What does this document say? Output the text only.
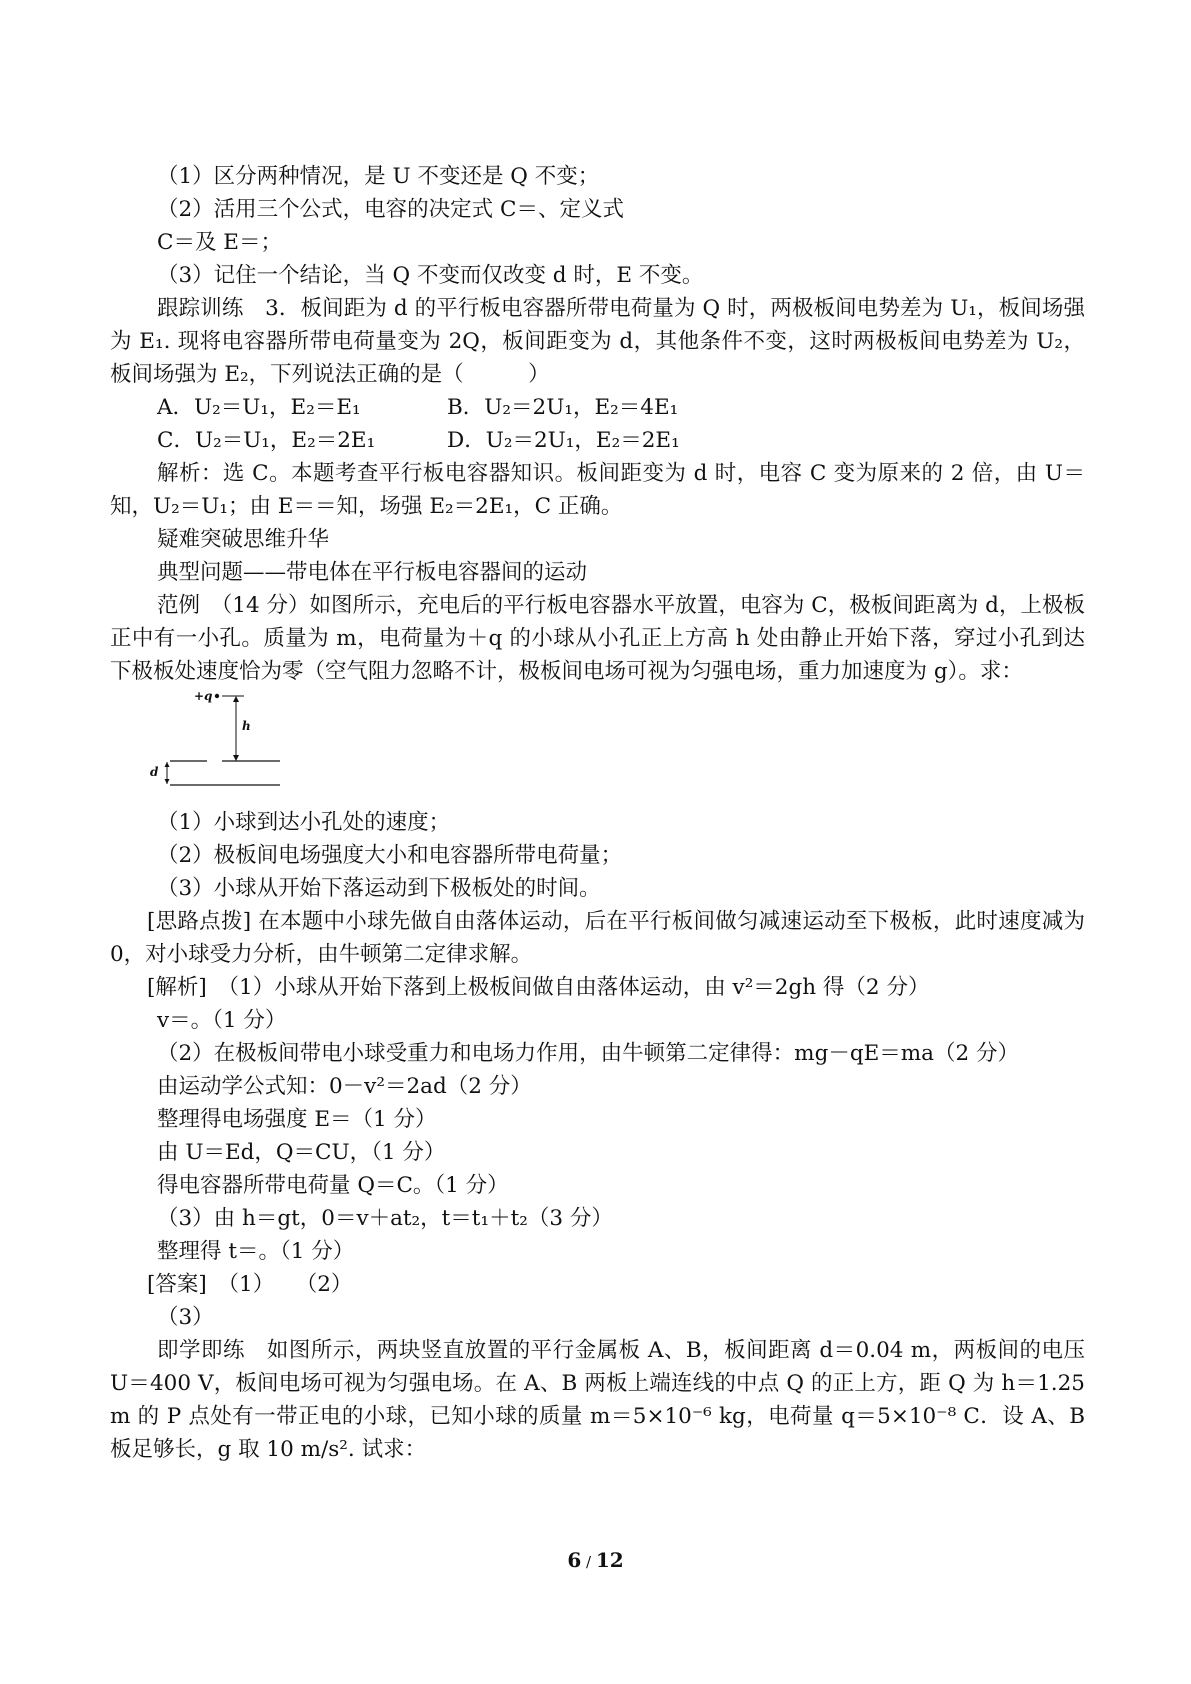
（1）区分两种情况，是 U 不变还是 Q 不变；

（2）活用三个公式，电容的决定式 C＝、定义式

C＝及 E＝；

（3）记住一个结论，当 Q 不变而仅改变 d 时，E 不变。

跟踪训练　3．板间距为 d 的平行板电容器所带电荷量为 Q 时，两极板间电势差为 U₁，板间场强为 E₁. 现将电容器所带电荷量变为 2Q，板间距变为 d，其他条件不变，这时两极板间电势差为 U₂，板间场强为 E₂，下列说法正确的是（　　　）

A．U₂＝U₁，E₂＝E₁	B．U₂＝2U₁，E₂＝4E₁

C．U₂＝U₁，E₂＝2E₁	D．U₂＝2U₁，E₂＝2E₁

解析：选 C。本题考查平行板电容器知识。板间距变为 d 时，电容 C 变为原来的 2 倍，由 U＝知，U₂＝U₁；由 E＝＝知，场强 E₂＝2E₁，C 正确。

疑难突破思维升华

典型问题——带电体在平行板电容器间的运动

范例　（14 分）如图所示，充电后的平行板电容器水平放置，电容为 C，极板间距离为 d，上极板正中有一小孔。质量为 m，电荷量为＋q 的小球从小孔正上方高 h 处由静止开始下落，穿过小孔到达下极板处速度恰为零（空气阻力忽略不计，极板间电场可视为匀强电场，重力加速度为 g）。求：

+q
h
d

（1）小球到达小孔处的速度；

（2）极板间电场强度大小和电容器所带电荷量；

（3）小球从开始下落运动到下极板处的时间。

[思路点拨] 在本题中小球先做自由落体运动，后在平行板间做匀减速运动至下极板，此时速度减为 0，对小球受力分析，由牛顿第二定律求解。

[解析]　（1）小球从开始下落到上极板间做自由落体运动，由 v²＝2gh 得（2 分）

v＝。（1 分）

（2）在极板间带电小球受重力和电场力作用，由牛顿第二定律得：mg－qE＝ma（2 分）

由运动学公式知：0－v²＝2ad（2 分）

整理得电场强度 E＝（1 分）

由 U＝Ed，Q＝CU，（1 分）

得电容器所带电荷量 Q＝C。（1 分）

（3）由 h＝gt，0＝v＋at₂，t＝t₁＋t₂（3 分）

整理得 t＝。（1 分）

[答案]　（1）　　（2）

（3）

即学即练　如图所示，两块竖直放置的平行金属板 A、B，板间距离 d＝0.04 m，两板间的电压 U＝400 V，板间电场可视为匀强电场。在 A、B 两板上端连线的中点 Q 的正上方，距 Q 为 h＝1.25 m 的 P 点处有一带正电的小球，已知小球的质量 m＝5×10⁻⁶ kg，电荷量 q＝5×10⁻⁸ C．设 A、B 板足够长，g 取 10 m/s². 试求：

6 / 12
